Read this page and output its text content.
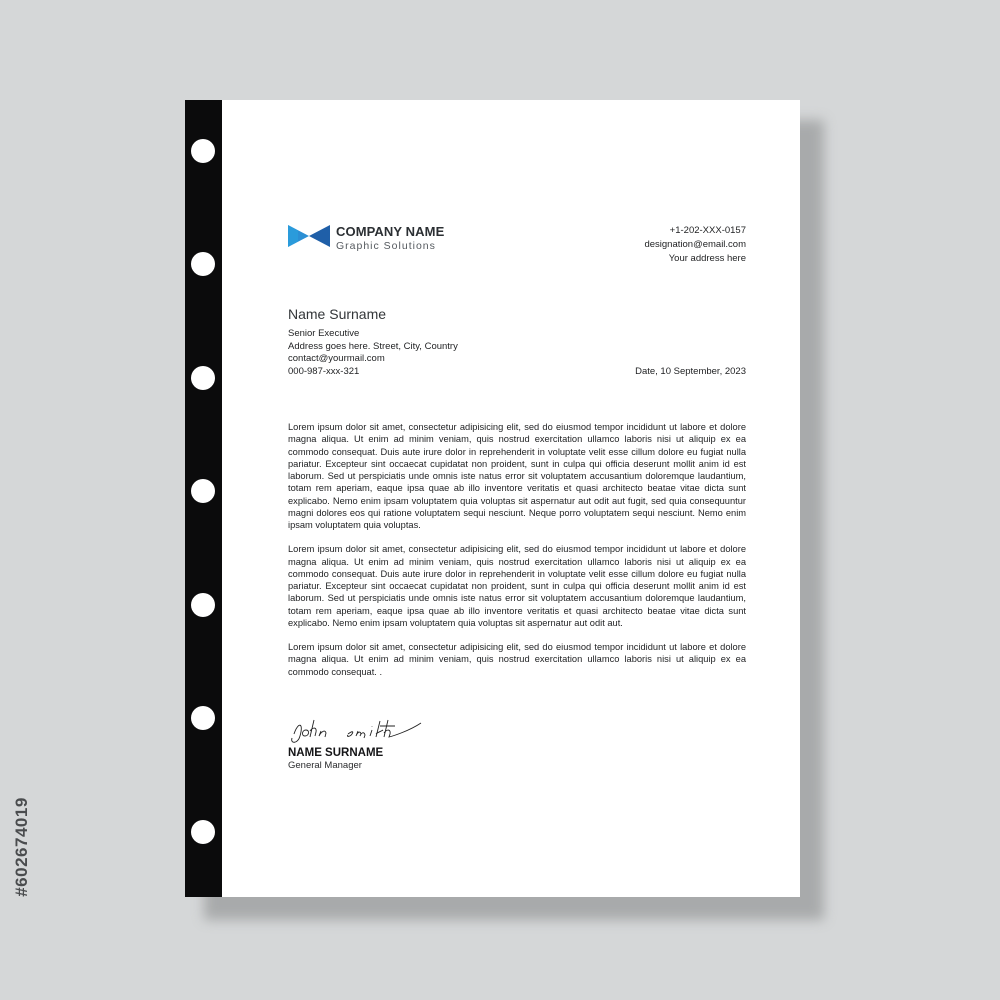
COMPANY NAME
Graphic Solutions
+1-202-XXX-0157
designation@email.com
Your address here
Name Surname
Senior Executive
Address goes here. Street, City, Country
contact@yourmail.com
000-987-xxx-321	Date, 10 September, 2023

Lorem ipsum dolor sit amet, consectetur adipisicing elit, sed do eiusmod tempor incididunt ut labore et dolore magna aliqua. Ut enim ad minim veniam, quis nostrud exercitation ullamco laboris nisi ut aliquip ex ea commodo consequat. Duis aute irure dolor in reprehenderit in voluptate velit esse cillum dolore eu fugiat nulla pariatur. Excepteur sint occaecat cupidatat non proident, sunt in culpa qui officia deserunt mollit anim id est laborum. Sed ut perspiciatis unde omnis iste natus error sit voluptatem accusantium doloremque laudantium, totam rem aperiam, eaque ipsa quae ab illo inventore veritatis et quasi architecto beatae vitae dicta sunt explicabo. Nemo enim ipsam voluptatem quia voluptas sit aspernatur aut odit aut fugit, sed quia consequuntur magni dolores eos qui ratione voluptatem sequi nesciunt. Neque porro voluptatem sequi nesciunt. Nemo enim ipsam voluptatem quia voluptas.

Lorem ipsum dolor sit amet, consectetur adipisicing elit, sed do eiusmod tempor incididunt ut labore et dolore magna aliqua. Ut enim ad minim veniam, quis nostrud exercitation ullamco laboris nisi ut aliquip ex ea commodo consequat. Duis aute irure dolor in reprehenderit in voluptate velit esse cillum dolore eu fugiat nulla pariatur. Excepteur sint occaecat cupidatat non proident, sunt in culpa qui officia deserunt mollit anim id est laborum. Sed ut perspiciatis unde omnis iste natus error sit voluptatem accusantium doloremque laudantium, totam rem aperiam, eaque ipsa quae ab illo inventore veritatis et quasi architecto beatae vitae dicta sunt explicabo. Nemo enim ipsam voluptatem quia voluptas sit aspernatur aut odit aut.

Lorem ipsum dolor sit amet, consectetur adipisicing elit, sed do eiusmod tempor incididunt ut labore et dolore magna aliqua. Ut enim ad minim veniam, quis nostrud exercitation ullamco laboris nisi ut aliquip ex ea commodo consequat. .

NAME SURNAME
General Manager
#602674019
